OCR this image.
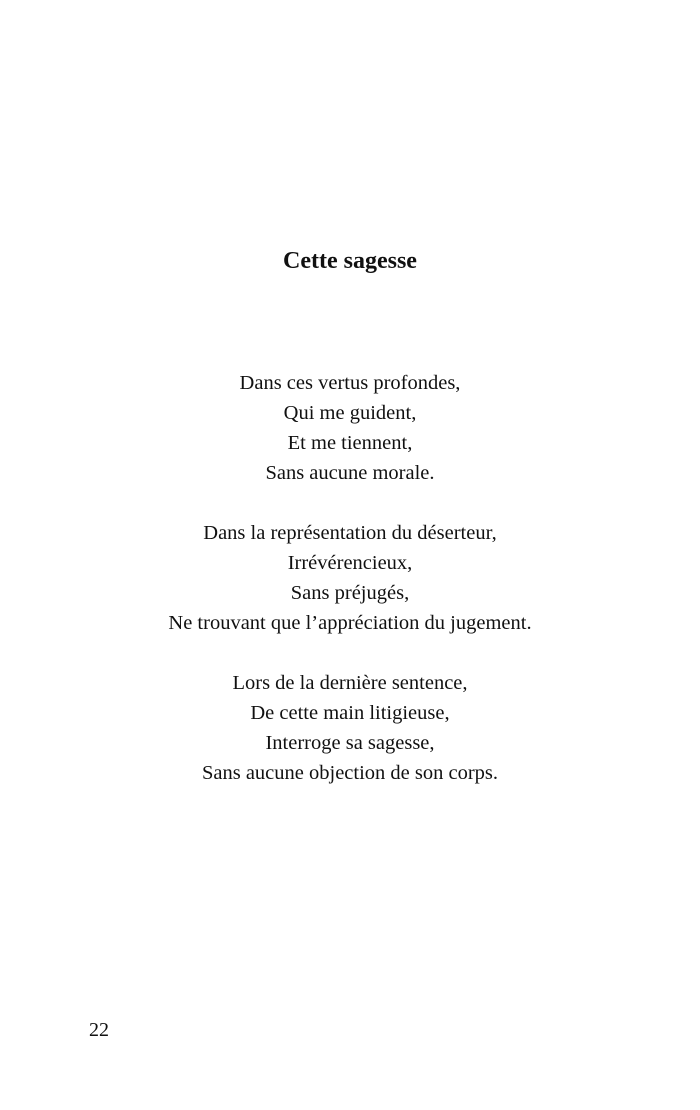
Cette sagesse
Dans ces vertus profondes,
Qui me guident,
Et me tiennent,
Sans aucune morale.
Dans la représentation du déserteur,
Irrévérencieux,
Sans préjugés,
Ne trouvant que l’appréciation du jugement.
Lors de la dernière sentence,
De cette main litigieuse,
Interroge sa sagesse,
Sans aucune objection de son corps.
22
